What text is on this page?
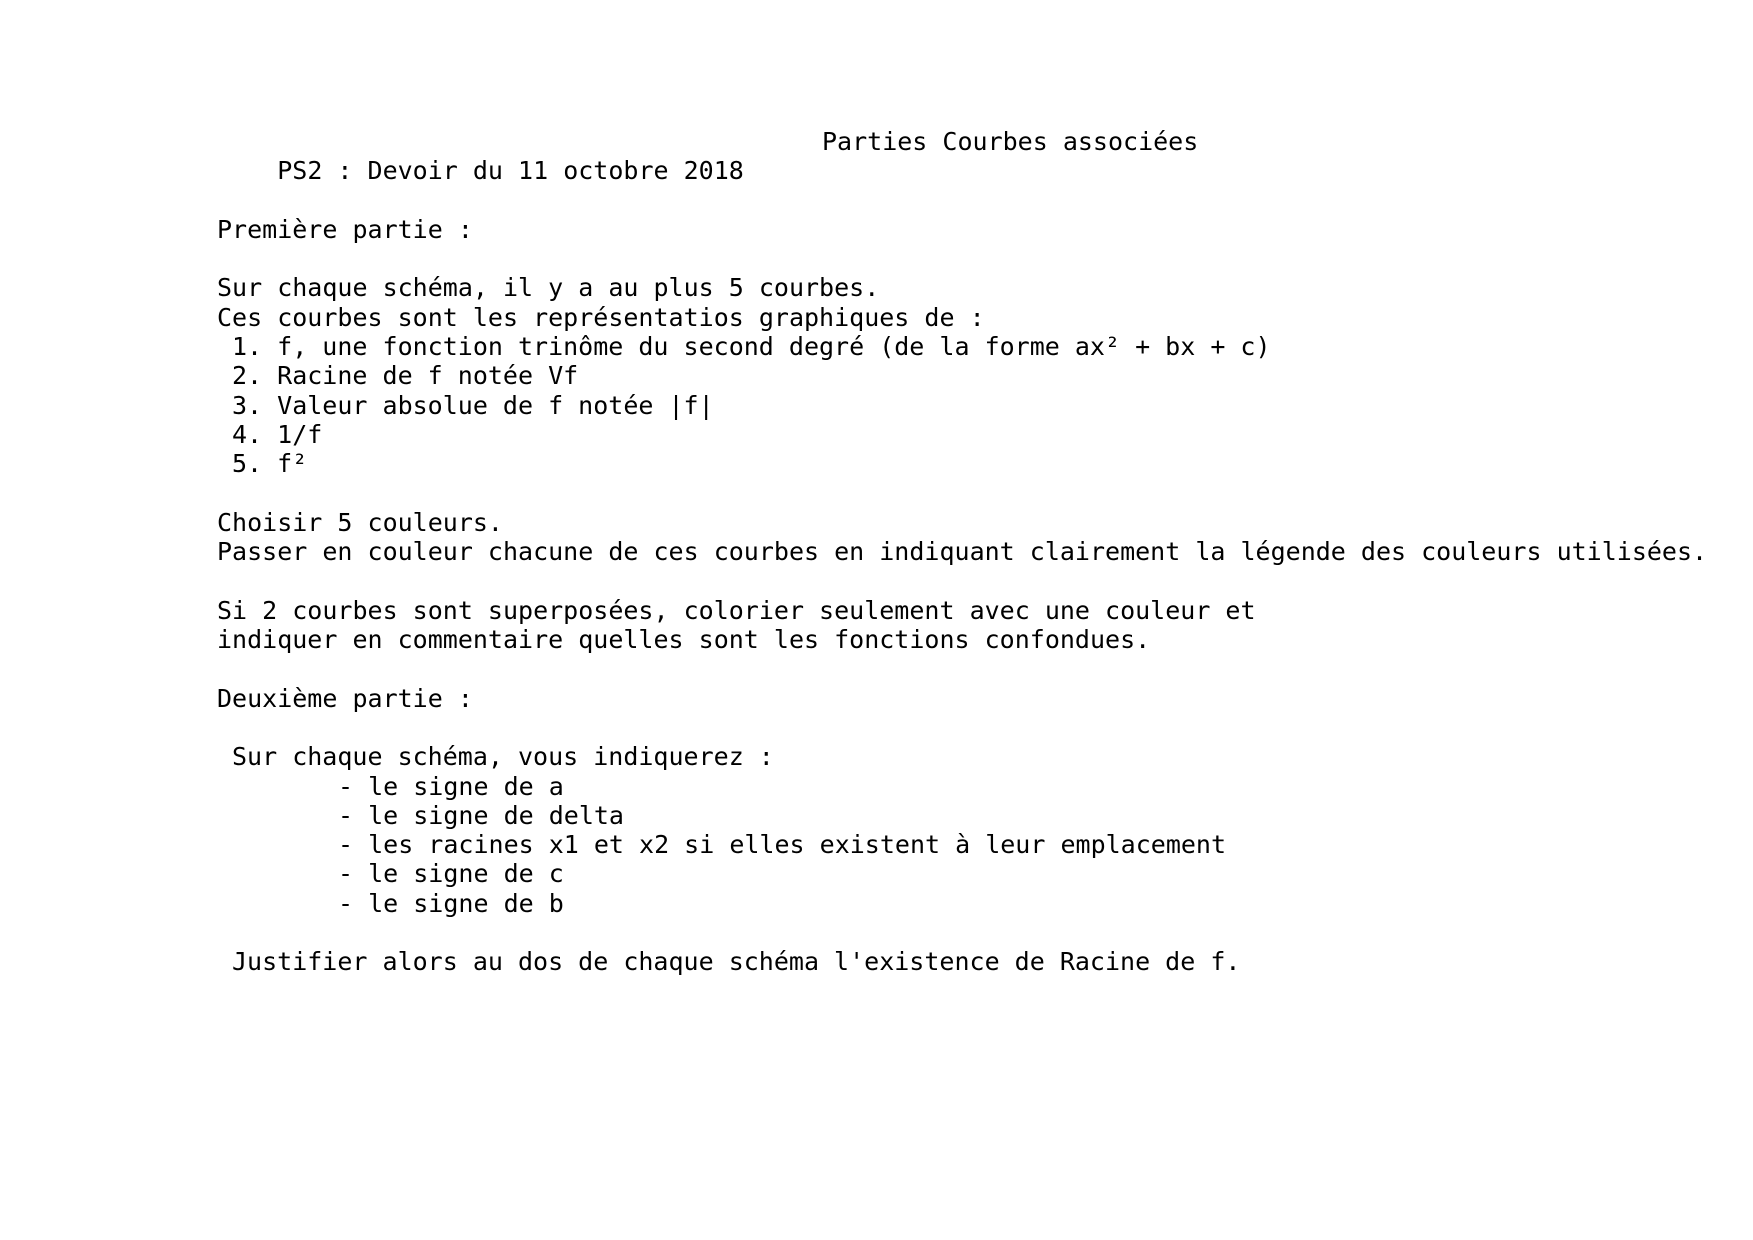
PS2 : Devoir du 11 octobre 2018

Parties Courbes associées

Première partie :
Sur chaque schéma, il y a au plus 5 courbes.
Ces courbes sont les représentatios graphiques de :
1. f, une fonction trinôme du second degré (de la forme ax² + bx + c)
2. Racine de f notée Vf
3. Valeur absolue de f notée |f|
4. 1/f
5. f²
Choisir 5 couleurs.
Passer en couleur chacune de ces courbes en indiquant clairement la légende des couleurs utilisées.
Si 2 courbes sont superposées, colorier seulement avec une couleur et
indiquer en commentaire quelles sont les fonctions confondues.
Deuxième partie :
Sur chaque schéma, vous indiquerez :
- le signe de a
- le signe de delta
- les racines x1 et x2 si elles existent à leur emplacement
- le signe de c
- le signe de b
Justifier alors au dos de chaque schéma l'existence de Racine de f.
